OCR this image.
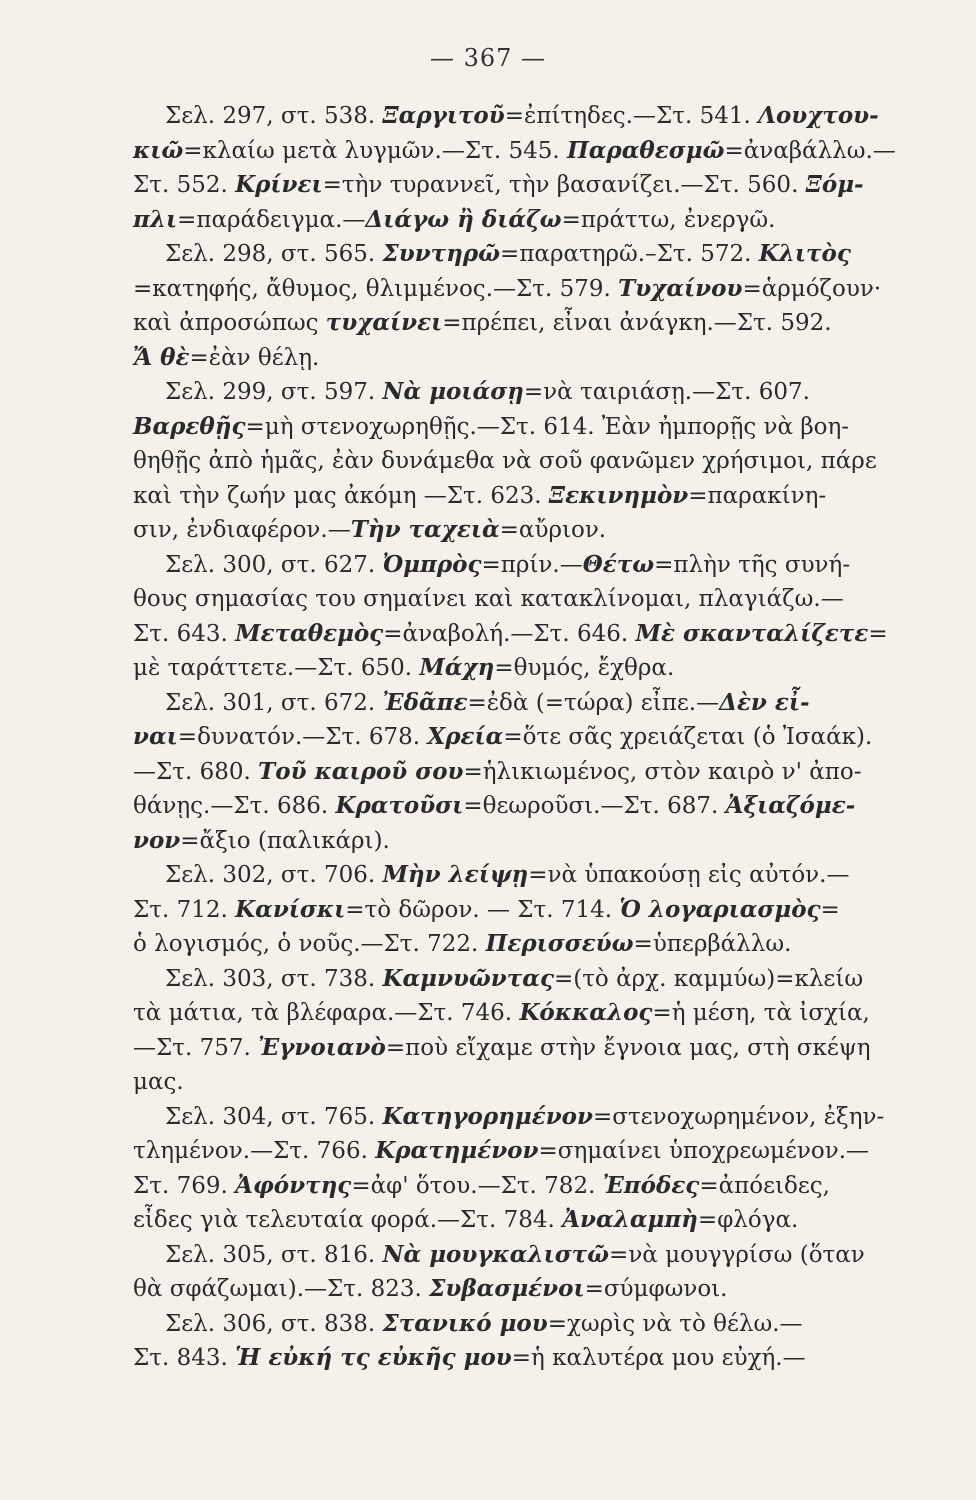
— 367 —
Σελ. 297, στ. 538. Ξαργιτοῦ=ἐπίτηδες.—Στ. 541. Λουχτου-
κιῶ=κλαίω μετὰ λυγμῶν.—Στ. 545. Παραθεσμῶ=ἀναβάλλω.—
Στ. 552. Κρίνει=τὴν τυραννεῖ, τὴν βασανίζει.—Στ. 560. Ξόμ-
πλι=παράδειγμα.—Διάγω ἢ διάζω=πράττω, ἐνεργῶ.
Σελ. 298, στ. 565. Συντηρῶ=παρατηρῶ.–Στ. 572. Κλιτὸς
=κατηφής, ἄθυμος, θλιμμένος.—Στ. 579. Τυχαίνου=ἁρμόζουν·
καὶ ἀπροσώπως τυχαίνει=πρέπει, εἶναι ἀνάγκη.—Στ. 592.
Ἄ θὲ=ἐὰν θέλῃ.
Σελ. 299, στ. 597. Νὰ μοιάσῃ=νὰ ταιριάσῃ.—Στ. 607.
Βαρεθῇς=μὴ στενοχωρηθῇς.—Στ. 614. Ἐὰν ἠμπορῇς νὰ βοη-
θηθῇς ἀπὸ ἡμᾶς, ἐὰν δυνάμεθα νὰ σοῦ φανῶμεν χρήσιμοι, πάρε
καὶ τὴν ζωήν μας ἀκόμη —Στ. 623. Ξεκινημὸν=παρακίνη-
σιν, ἐνδιαφέρον.—Τὴν ταχειὰ=αὔριον.
Σελ. 300, στ. 627. Ὀμπρὸς=πρίν.—Θέτω=πλὴν τῆς συνή-
θους σημασίας του σημαίνει καὶ κατακλίνομαι, πλαγιάζω.—
Στ. 643. Μεταθεμὸς=ἀναβολή.—Στ. 646. Μὲ σκανταλίζετε=
μὲ ταράττετε.—Στ. 650. Μάχη=θυμός, ἔχθρα.
Σελ. 301, στ. 672. Ἐδᾶπε=ἐδὰ (=τώρα) εἶπε.—Δὲν εἶ-
ναι=δυνατόν.—Στ. 678. Χρεία=ὅτε σᾶς χρειάζεται (ὁ Ἰσαάκ).
—Στ. 680. Τοῦ καιροῦ σου=ἡλικιωμένος, στὸν καιρὸ ν' ἀπο-
θάνῃς.—Στ. 686. Κρατοῦσι=θεωροῦσι.—Στ. 687. Ἀξιαζόμε-
νον=ἄξιο (παλικάρι).
Σελ. 302, στ. 706. Μὴν λείψῃ=νὰ ὑπακούσῃ εἰς αὐτόν.—
Στ. 712. Κανίσκι=τὸ δῶρον. — Στ. 714. Ὁ λογαριασμὸς=
ὁ λογισμός, ὁ νοῦς.—Στ. 722. Περισσεύω=ὑπερβάλλω.
Σελ. 303, στ. 738. Καμνυῶντας=(τὸ ἀρχ. καμμύω)=κλείω
τὰ μάτια, τὰ βλέφαρα.—Στ. 746. Κόκκαλος=ἡ μέση, τὰ ἰσχία,
—Στ. 757. Ἐγνοιανὸ=ποὺ εἴχαμε στὴν ἔγνοια μας, στὴ σκέψη
μας.
Σελ. 304, στ. 765. Κατηγορημένον=στενοχωρημένον, ἐξην-
τλημένον.—Στ. 766. Κρατημένον=σημαίνει ὑποχρεωμένον.—
Στ. 769. Ἀφόντης=ἀφ' ὅτου.—Στ. 782. Ἐπόδες=ἀπόειδες,
εἶδες γιὰ τελευταία φορά.—Στ. 784. Ἀναλαμπὴ=φλόγα.
Σελ. 305, στ. 816. Νὰ μουγκαλιστῶ=νὰ μουγγρίσω (ὅταν
θὰ σφάζωμαι).—Στ. 823. Συβασμένοι=σύμφωνοι.
Σελ. 306, στ. 838. Στανικό μου=χωρὶς νὰ τὸ θέλω.—
Στ. 843. Ἡ εὐκή τς εὐκῆς μου=ἡ καλυτέρα μου εὐχή.—
